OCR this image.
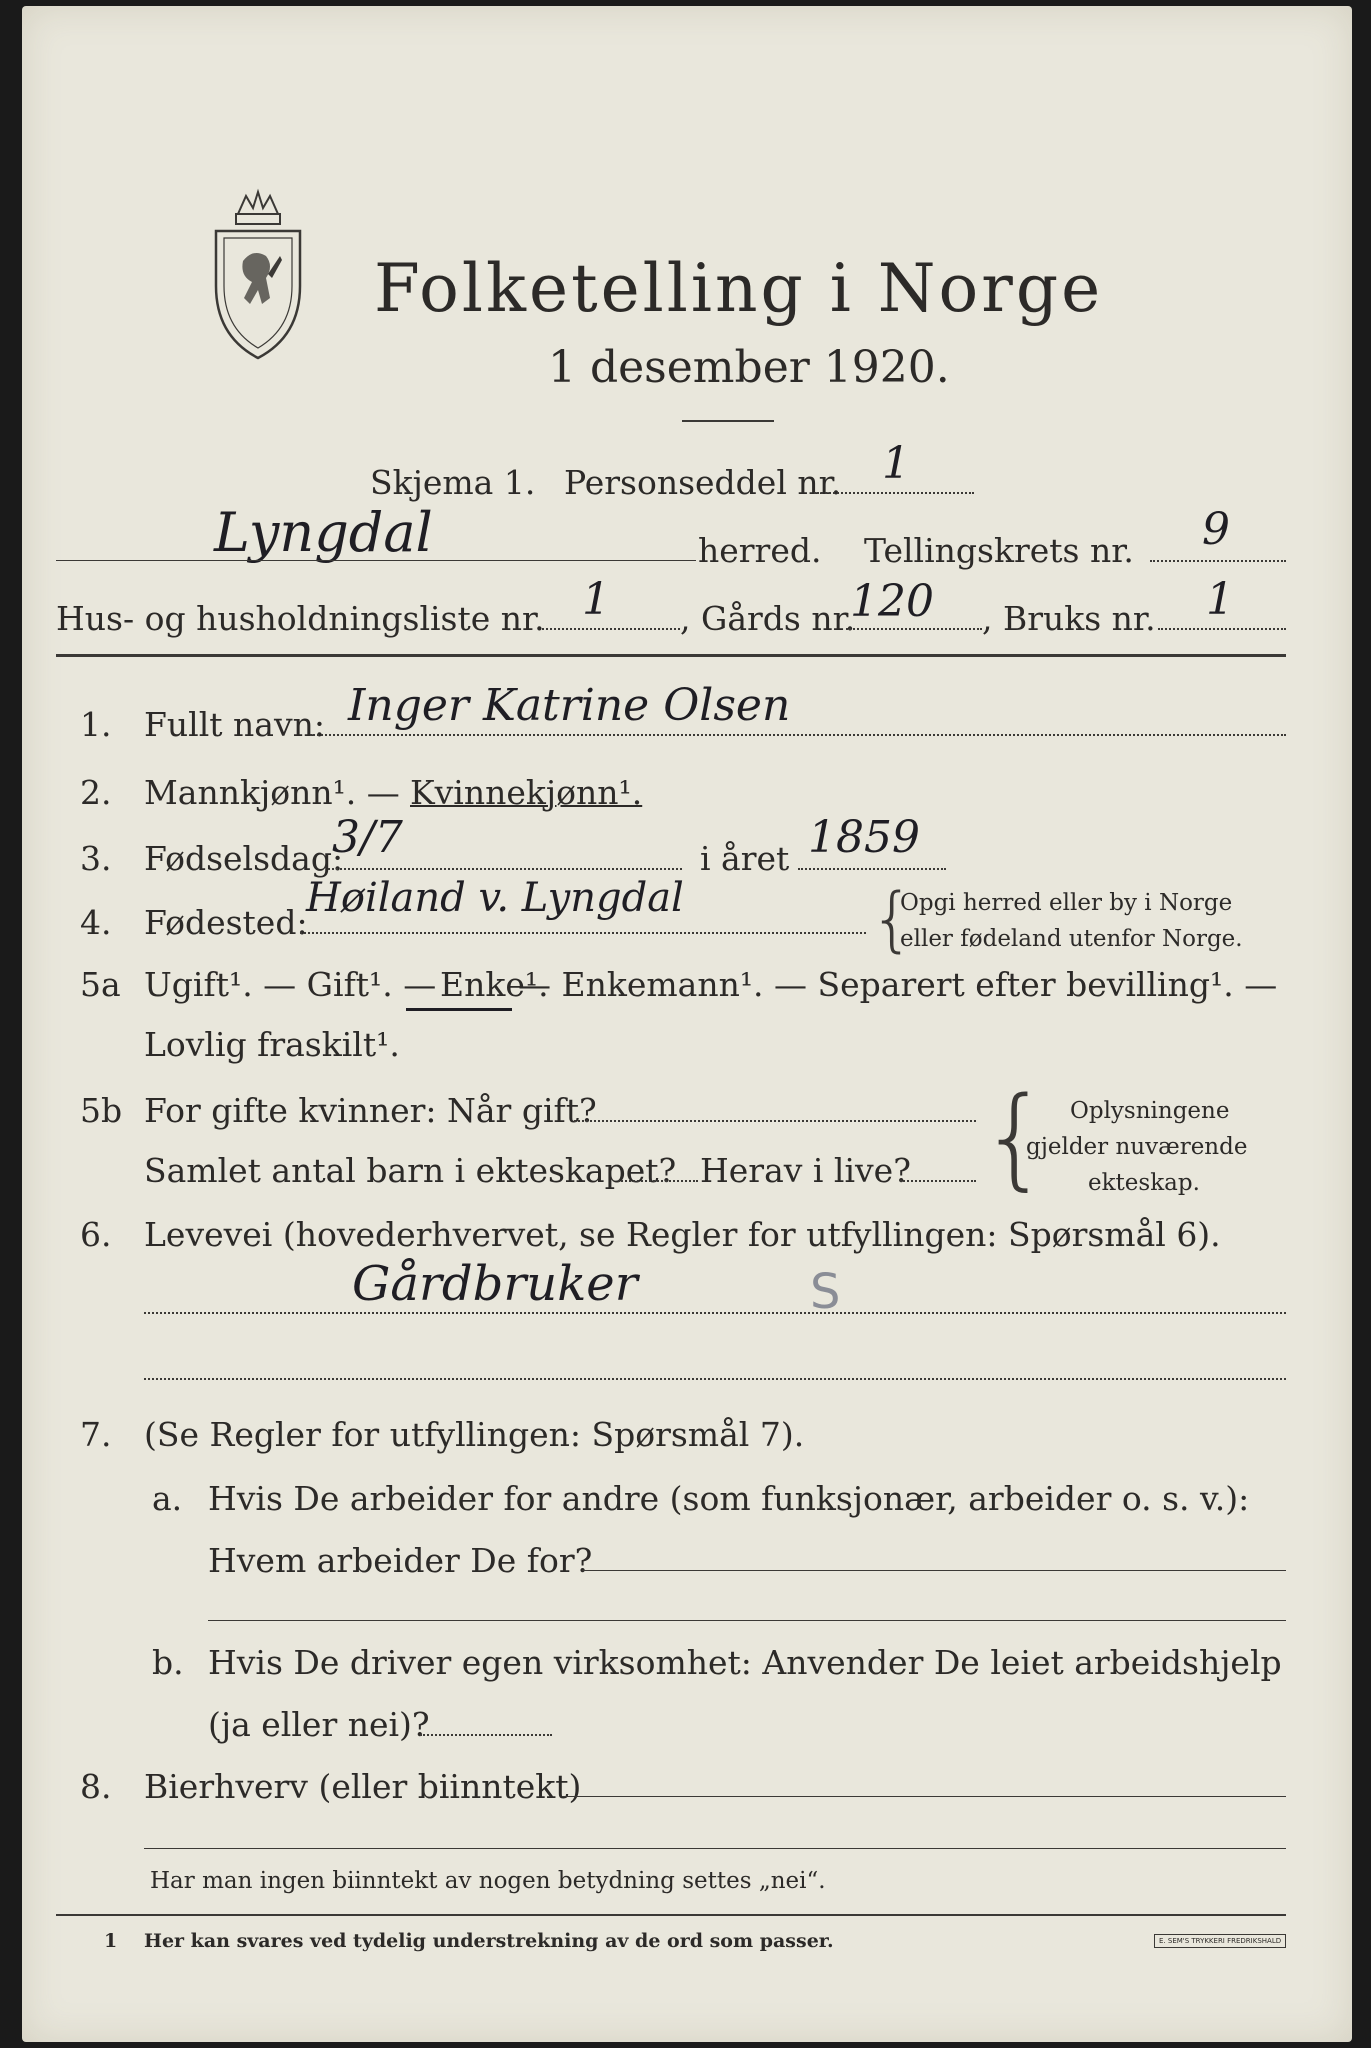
Folketelling i Norge
1 desember 1920.
Skjema 1. Personseddel nr. 1
Lyngdal	herred. Tellingskrets nr. 9
Hus- og husholdningsliste nr. 1 , Gårds nr.
120 , Bruks nr. 1
1. Fullt navn: Inger Katrine Olsen
2. Mannkjønn¹. — Kvinnekjønn¹.
3. Fødselsdag:
3/7	i året 1859
4. Fødested:
Høiland v. Lyngdal	{
Opgi herred eller by i Norge
eller fødeland utenfor Norge.
5a Ugift¹. — Gift¹. — Enke¹.
— Enkemann¹. — Separert efter bevilling¹. —
Lovlig fraskilt¹.
5b For gifte kvinner: Når gift?
Samlet antal barn i ekteskapet? Herav i live? { Oplysningene
gjelder nuværende
ekteskap.
6. Levevei (hovederhvervet, se Regler for utfyllingen: Spørsmål 6).
Gårdbruker	S
7. (Se Regler for utfyllingen: Spørsmål 7).
a. Hvis De arbeider for andre (som funksjonær, arbeider o. s. v.):
Hvem arbeider De for?
b. Hvis De driver egen virksomhet: Anvender De leiet arbeidshjelp
(ja eller nei)?
8. Bierhverv (eller biinntekt)
Har man ingen biinntekt av nogen betydning settes „nei“.
1 Her kan svares ved tydelig understrekning av de ord som passer.	E. SEM'S TRYKKERI FREDRIKSHALD
